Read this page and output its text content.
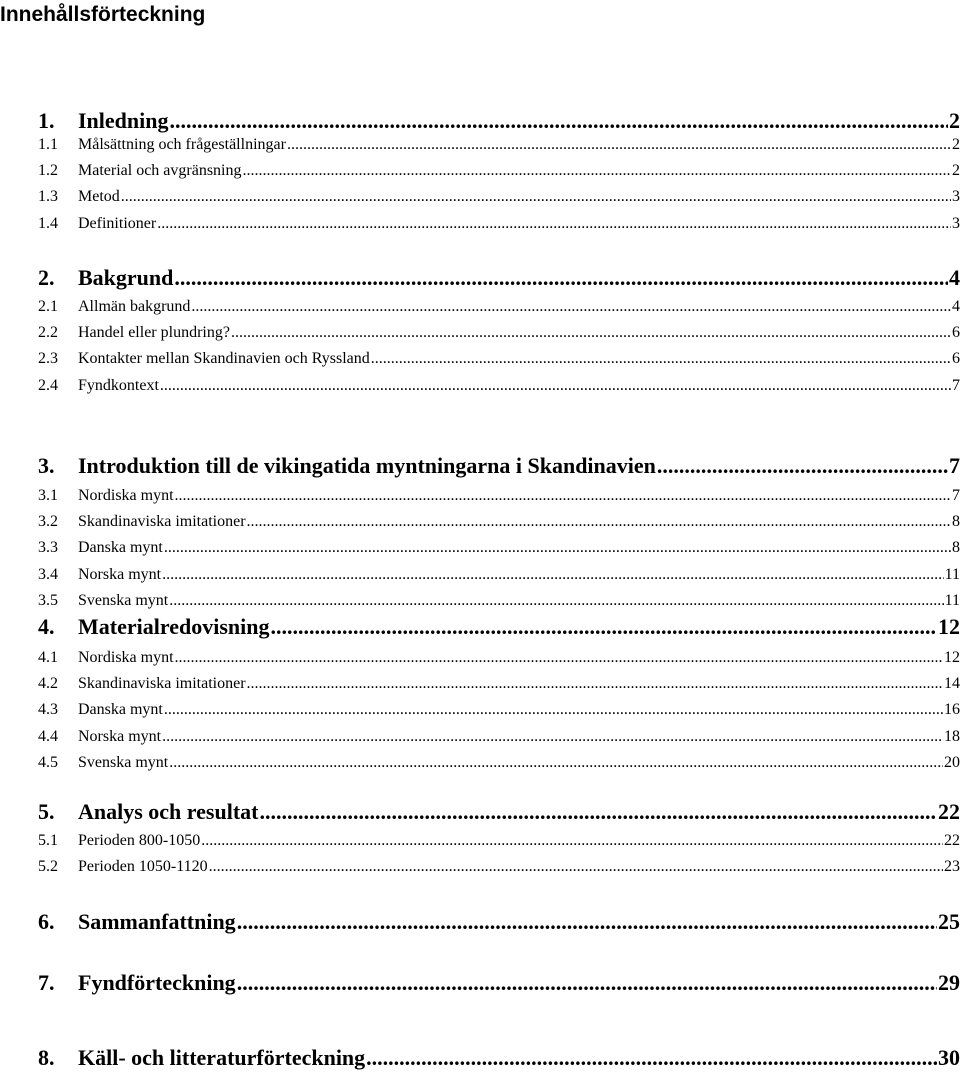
Innehållsförteckning
1.	Inledning .....	2
1.1	Målsättning och frågeställningar .....	2
1.2	Material och avgränsning .....	2
1.3	Metod .....	3
1.4	Definitioner .....	3
2.	Bakgrund .....	4
2.1	Allmän bakgrund .....	4
2.2	Handel eller plundring? .....	6
2.3	Kontakter mellan Skandinavien och Ryssland .....	6
2.4	Fyndkontext .....	7
3.	Introduktion till de vikingatida myntningarna i Skandinavien .....	7
3.1	Nordiska mynt .....	7
3.2	Skandinaviska imitationer .....	8
3.3	Danska mynt .....	8
3.4	Norska mynt .....	11
3.5	Svenska mynt .....	11
4.	Materialredovisning .....	12
4.1	Nordiska mynt .....	12
4.2	Skandinaviska imitationer .....	14
4.3	Danska mynt .....	16
4.4	Norska mynt .....	18
4.5	Svenska mynt .....	20
5.	Analys och resultat .....	22
5.1	Perioden 800-1050 .....	22
5.2	Perioden 1050-1120 .....	23
6.	Sammanfattning .....	25
7.	Fyndförteckning .....	29
8.	Käll- och litteraturförteckning .....	30
